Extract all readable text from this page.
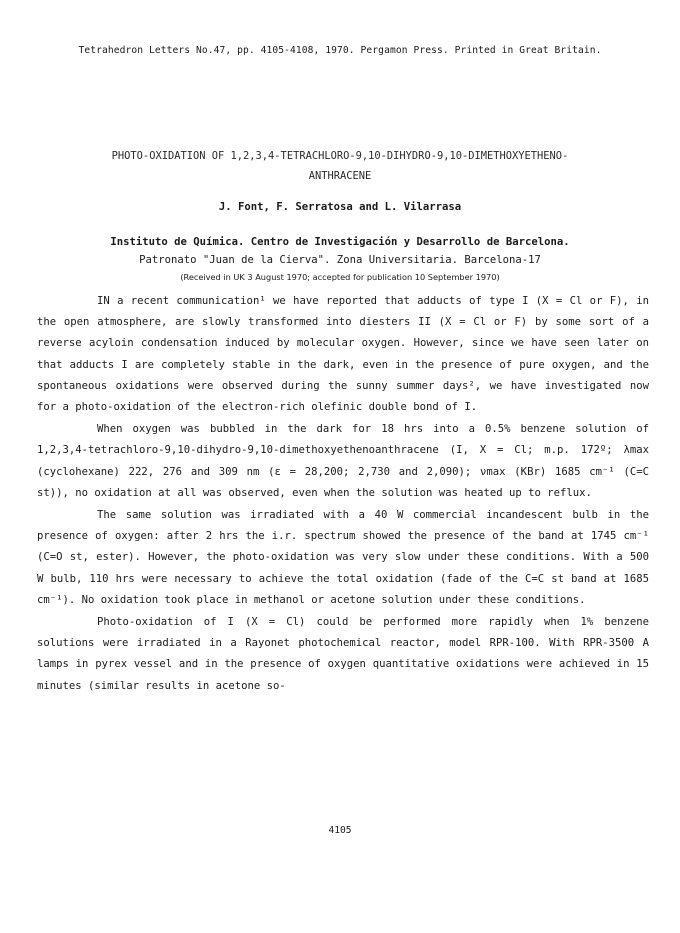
Tetrahedron Letters No.47, pp. 4105-4108, 1970. Pergamon Press. Printed in Great Britain.
PHOTO-OXIDATION OF 1,2,3,4-TETRACHLORO-9,10-DIHYDRO-9,10-DIMETHOXYETHENO-
ANTHRACENE
J. Font, F. Serratosa and L. Vilarrasa
Instituto de Química. Centro de Investigación y Desarrollo de Barcelona.
Patronato "Juan de la Cierva". Zona Universitaria. Barcelona-17
(Received in UK 3 August 1970; accepted for publication 10 September 1970)

IN a recent communication¹ we have reported that adducts of type I (X = Cl or F), in the open atmosphere, are slowly transformed into diesters II (X = Cl or F) by some sort of a reverse acyloin condensation induced by molecular oxygen. However, since we have seen later on that adducts I are completely stable in the dark, even in the presence of pure oxygen, and the spontaneous oxidations were observed during the sunny summer days², we have investigated now for a photo-oxidation of the electron-rich olefinic double bond of I.

When oxygen was bubbled in the dark for 18 hrs into a 0.5% benzene solution of 1,2,3,4-tetrachloro-9,10-dihydro-9,10-dimethoxyethenoanthracene (I, X = Cl; m.p. 172º; λmax (cyclohexane) 222, 276 and 309 nm (ε = 28,200; 2,730 and 2,090); νmax (KBr) 1685 cm⁻¹ (C=C st)), no oxidation at all was observed, even when the solution was heated up to reflux.

The same solution was irradiated with a 40 W commercial incandescent bulb in the presence of oxygen: after 2 hrs the i.r. spectrum showed the presence of the band at 1745 cm⁻¹ (C=O st, ester). However, the photo-oxidation was very slow under these conditions. With a 500 W bulb, 110 hrs were necessary to achieve the total oxidation (fade of the C=C st band at 1685 cm⁻¹). No oxidation took place in methanol or acetone solution under these conditions.

Photo-oxidation of I (X = Cl) could be performed more rapidly when 1% benzene solutions were irradiated in a Rayonet photochemical reactor, model RPR-100. With RPR-3500 A lamps in pyrex vessel and in the presence of oxygen quantitative oxidations were achieved in 15 minutes (similar results in acetone so-

4105
